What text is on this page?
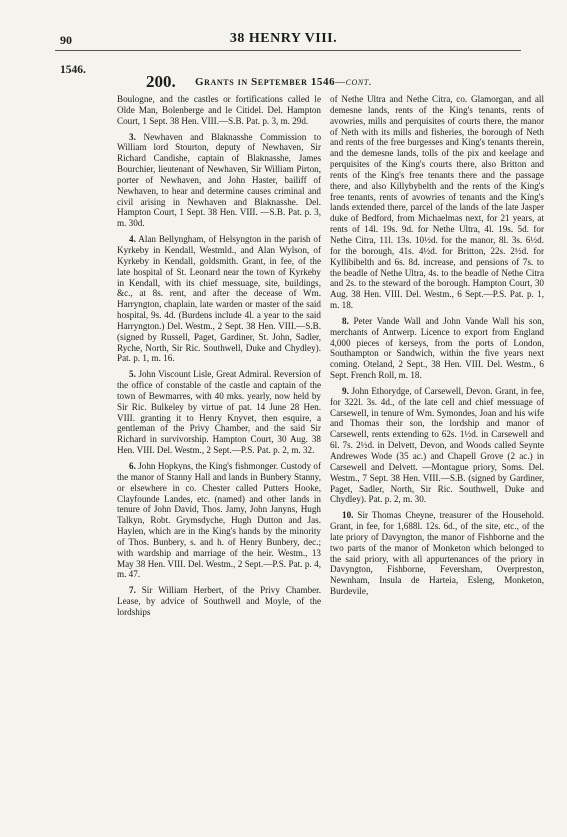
90	38 HENRY VIII.
1546.
200. Grants in September 1546—cont.

Boulogne, and the castles or fortifications called le Olde Man, Bolenberge and le Citidel. Del. Hampton Court, 1 Sept. 38 Hen. VIII.—S.B. Pat. p. 3, m. 29d.

3. Newhaven and Blaknasshe Commission to William lord Stourton, deputy of Newhaven, Sir Richard Candishe, captain of Blaknasshe, James Bourchier, lieutenant of Newhaven, Sir William Pirton, porter of Newhaven, and John Haster, bailiff of Newhaven, to hear and determine causes criminal and civil arising in Newhaven and Blaknasshe. Del. Hampton Court, 1 Sept. 38 Hen. VIII. —S.B. Pat. p. 3, m. 30d.

4. Alan Bellyngham, of Helsyngton in the parish of Kyrkeby in Kendall, Westmld., and Alan Wylson, of Kyrkeby in Kendall, goldsmith. Grant, in fee, of the late hospital of St. Leonard near the town of Kyrkeby in Kendall, with its chief messuage, site, buildings, &c., at 8s. rent, and after the decease of Wm. Harryngton, chaplain, late warden or master of the said hospital, 9s. 4d. (Burdens include 4l. a year to the said Harryngton.) Del. Westm., 2 Sept. 38 Hen. VIII.—S.B. (signed by Russell, Paget, Gardiner, St. John, Sadler, Ryche, North, Sir Ric. Southwell, Duke and Chydley). Pat. p. 1, m. 16.

5. John Viscount Lisle, Great Admiral. Reversion of the office of constable of the castle and captain of the town of Bewmarres, with 40 mks. yearly, now held by Sir Ric. Bulkeley by virtue of pat. 14 June 28 Hen. VIII. granting it to Henry Knyvet, then esquire, a gentleman of the Privy Chamber, and the said Sir Richard in survivorship. Hampton Court, 30 Aug. 38 Hen. VIII. Del. Westm., 2 Sept.—P.S. Pat. p. 2, m. 32.

6. John Hopkyns, the King's fishmonger. Custody of the manor of Stanny Hall and lands in Bunbery Stanny, or elsewhere in co. Chester called Putters Hooke, Clayfounde Landes, etc. (named) and other lands in tenure of John David, Thos. Jamy, John Janyns, Hugh Talkyn, Robt. Grymsdyche, Hugh Dutton and Jas. Haylen, which are in the King's hands by the minority of Thos. Bunbery, s. and h. of Henry Bunbery, dec.; with wardship and marriage of the heir. Westm., 13 May 38 Hen. VIII. Del. Westm., 2 Sept.—P.S. Pat. p. 4, m. 47.

7. Sir William Herbert, of the Privy Chamber. Lease, by advice of Southwell and Moyle, of the lordships

of Nethe Ultra and Nethe Citra, co. Glamorgan, and all demesne lands, rents of the King's tenants, rents of avowries, mills and perquisites of courts there, the manor of Neth with its mills and fisheries, the borough of Neth and rents of the free burgesses and King's tenants therein, and the demesne lands, tolls of the pix and keelage and perquisites of the King's courts there, also Britton and rents of the King's free tenants there and the passage there, and also Killybybelth and the rents of the King's free tenants, rents of avowries of tenants and the King's lands extended there, parcel of the lands of the late Jasper duke of Bedford, from Michaelmas next, for 21 years, at rents of 14l. 19s. 9d. for Nethe Ultra, 4l. 19s. 5d. for Nethe Citra, 11l. 13s. 10½d. for the manor, 8l. 3s. 6½d. for the borough, 41s. 4½d. for Britton, 22s. 2½d. for Kyllibibelth and 6s. 8d. increase, and pensions of 7s. to the beadle of Nethe Ultra, 4s. to the beadle of Nethe Citra and 2s. to the steward of the borough. Hampton Court, 30 Aug. 38 Hen. VIII. Del. Westm., 6 Sept.—P.S. Pat. p. 1, m. 18.

8. Peter Vande Wall and John Vande Wall his son, merchants of Antwerp. Licence to export from England 4,000 pieces of kerseys, from the ports of London, Southampton or Sandwich, within the five years next coming. Oteland, 2 Sept., 38 Hen. VIII. Del. Westm., 6 Sept. French Roll, m. 18.

9. John Ethorydge, of Carsewell, Devon. Grant, in fee, for 322l. 3s. 4d., of the late cell and chief messuage of Carsewell, in tenure of Wm. Symondes, Joan and his wife and Thomas their son, the lordship and manor of Carsewell, rents extending to 62s. 1½d. in Carsewell and 6l. 7s. 2½d. in Delvett, Devon, and Woods called Seynte Andrewes Wode (35 ac.) and Chapell Grove (2 ac.) in Carsewell and Delvett. —Montague priory, Soms. Del. Westm., 7 Sept. 38 Hen. VIII.—S.B. (signed by Gardiner, Paget, Sadler, North, Sir Ric. Southwell, Duke and Chydley). Pat. p. 2, m. 30.

10. Sir Thomas Cheyne, treasurer of the Household. Grant, in fee, for 1,688l. 12s. 6d., of the site, etc., of the late priory of Davyngton, the manor of Fishborne and the two parts of the manor of Monketon which belonged to the said priory, with all appurtenances of the priory in Davyngton, Fishborne, Feversham, Overpreston, Newnham, Insula de Harteia, Esleng, Monketon, Burdevile,
